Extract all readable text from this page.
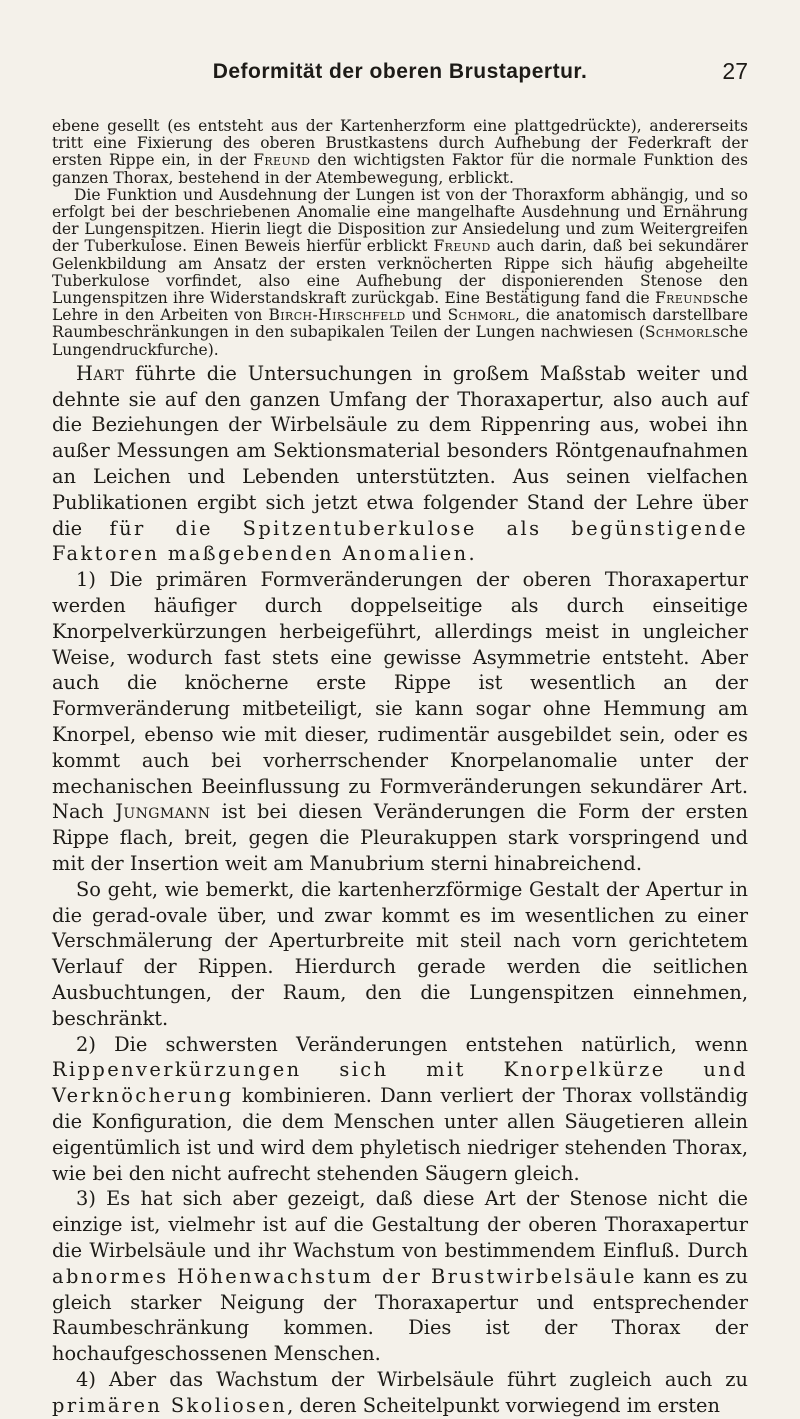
Deformität der oberen Brustapertur.	27

ebene gesellt (es entsteht aus der Kartenherzform eine plattgedrückte), andererseits tritt eine Fixierung des oberen Brustkastens durch Aufhebung der Federkraft der ersten Rippe ein, in der Freund den wichtigsten Faktor für die normale Funktion des ganzen Thorax, bestehend in der Atembewegung, erblickt.

Die Funktion und Ausdehnung der Lungen ist von der Thoraxform abhängig, und so erfolgt bei der beschriebenen Anomalie eine mangelhafte Ausdehnung und Ernährung der Lungenspitzen. Hierin liegt die Disposition zur Ansiedelung und zum Weitergreifen der Tuberkulose. Einen Beweis hierfür erblickt Freund auch darin, daß bei sekundärer Gelenkbildung am Ansatz der ersten verknöcherten Rippe sich häufig abgeheilte Tuberkulose vorfindet, also eine Aufhebung der disponierenden Stenose den Lungenspitzen ihre Widerstandskraft zurückgab. Eine Bestätigung fand die Freundsche Lehre in den Arbeiten von Birch-Hirschfeld und Schmorl, die anatomisch darstellbare Raumbeschränkungen in den subapikalen Teilen der Lungen nachwiesen (Schmorlsche Lungendruckfurche).

Hart führte die Untersuchungen in großem Maßstab weiter und dehnte sie auf den ganzen Umfang der Thoraxapertur, also auch auf die Beziehungen der Wirbelsäule zu dem Rippenring aus, wobei ihn außer Messungen am Sektionsmaterial besonders Röntgenaufnahmen an Leichen und Lebenden unterstützten. Aus seinen vielfachen Publikationen ergibt sich jetzt etwa folgender Stand der Lehre über die für die Spitzentuberkulose als begünstigende Faktoren maßgebenden Anomalien.

1) Die primären Formveränderungen der oberen Thoraxapertur werden häufiger durch doppelseitige als durch einseitige Knorpelverkürzungen herbeigeführt, allerdings meist in ungleicher Weise, wodurch fast stets eine gewisse Asymmetrie entsteht. Aber auch die knöcherne erste Rippe ist wesentlich an der Formveränderung mitbeteiligt, sie kann sogar ohne Hemmung am Knorpel, ebenso wie mit dieser, rudimentär ausgebildet sein, oder es kommt auch bei vorherrschender Knorpelanomalie unter der mechanischen Beeinflussung zu Formveränderungen sekundärer Art. Nach Jungmann ist bei diesen Veränderungen die Form der ersten Rippe flach, breit, gegen die Pleurakuppen stark vorspringend und mit der Insertion weit am Manubrium sterni hinabreichend.

So geht, wie bemerkt, die kartenherzförmige Gestalt der Apertur in die gerad-ovale über, und zwar kommt es im wesentlichen zu einer Verschmälerung der Aperturbreite mit steil nach vorn gerichtetem Verlauf der Rippen. Hierdurch gerade werden die seitlichen Ausbuchtungen, der Raum, den die Lungenspitzen einnehmen, beschränkt.

2) Die schwersten Veränderungen entstehen natürlich, wenn Rippenverkürzungen sich mit Knorpelkürze und Verknöcherung kombinieren. Dann verliert der Thorax vollständig die Konfiguration, die dem Menschen unter allen Säugetieren allein eigentümlich ist und wird dem phyletisch niedriger stehenden Thorax, wie bei den nicht aufrecht stehenden Säugern gleich.

3) Es hat sich aber gezeigt, daß diese Art der Stenose nicht die einzige ist, vielmehr ist auf die Gestaltung der oberen Thoraxapertur die Wirbelsäule und ihr Wachstum von bestimmendem Einfluß. Durch abnormes Höhenwachstum der Brustwirbelsäule kann es zu gleich starker Neigung der Thoraxapertur und entsprechender Raumbeschränkung kommen. Dies ist der Thorax der hochaufgeschossenen Menschen.

4) Aber das Wachstum der Wirbelsäule führt zugleich auch zu primären Skoliosen, deren Scheitelpunkt vorwiegend im ersten
